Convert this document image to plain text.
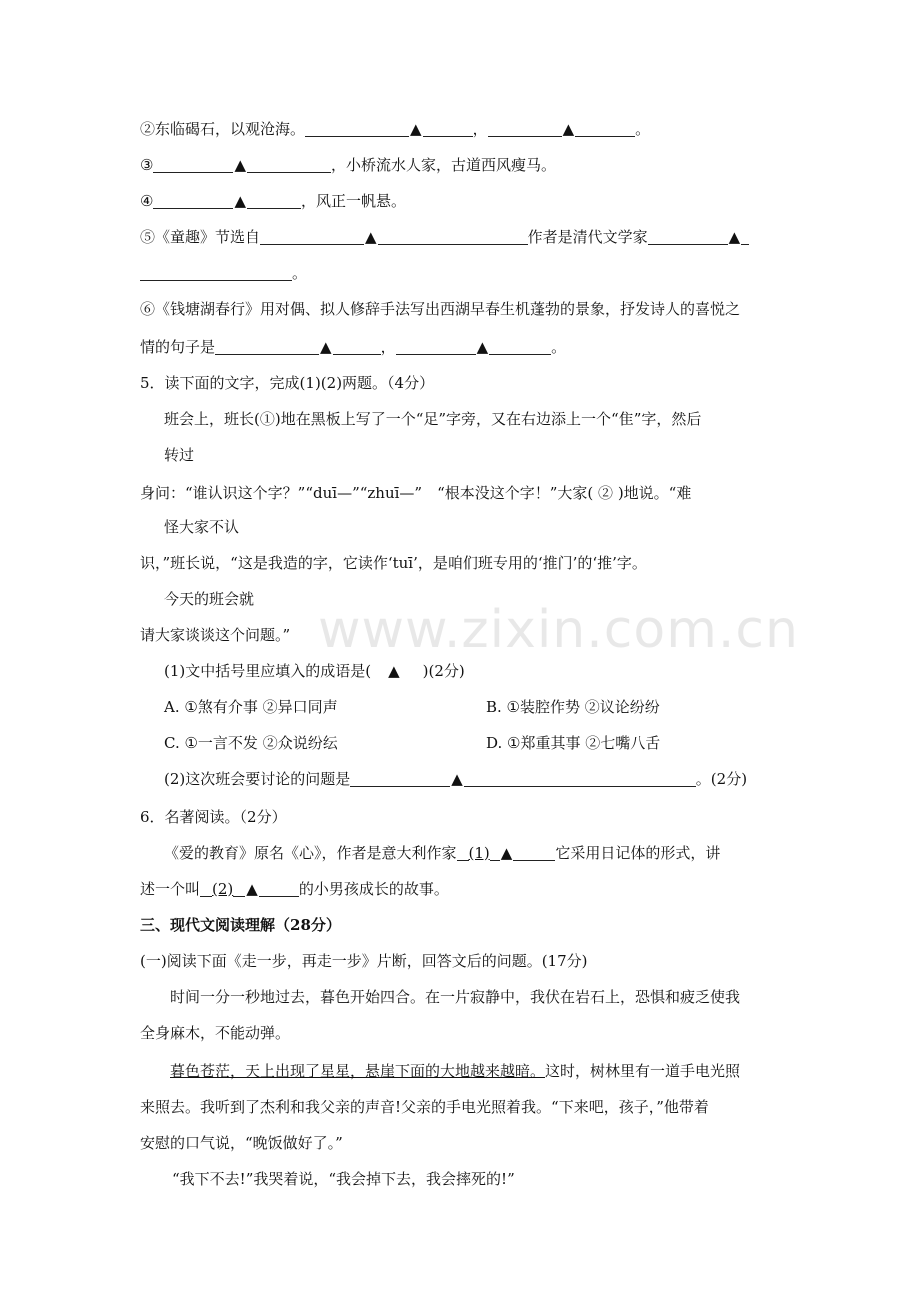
www.zixin.com.cn
②东临碣石，以观沧海。	▲	，	▲	。
③	▲	，小桥流水人家，古道西风瘦马。
④	▲	，风正一帆悬。
⑤《童趣》节选自	▲	作者是清代文学家	▲
。
⑥《钱塘湖春行》用对偶、拟人修辞手法写出西湖早春生机蓬勃的景象，抒发诗人的喜悦之
情的句子是	▲	，	▲	。
5．读下面的文字，完成(1)(2)两题。（4分）
班会上，班长(①)地在黑板上写了一个“足”字旁，又在右边添上一个“隹”字，然后
转过
身问：“谁认识这个字？”“duī—”“zhuī—”　“根本没这个字！”大家( ② )地说。“难
怪大家不认
识，”班长说，“这是我造的字，它读作‘tuī’，是咱们班专用的‘推门’的‘推’字。
今天的班会就
请大家谈谈这个问题。”
(1)文中括号里应填入的成语是( ▲ )(2分)
A. ①煞有介事 ②异口同声	B. ①装腔作势 ②议论纷纷
C. ①一言不发 ②众说纷纭	D. ①郑重其事 ②七嘴八舌
(2)这次班会要讨论的问题是	▲	。(2分)
6．名著阅读。（2分）
《爱的教育》原名《心》，作者是意大利作家 (1) ▲	它采用日记体的形式，讲
述一个叫 (2) ▲	的小男孩成长的故事。
三、现代文阅读理解（28分）
(一)阅读下面《走一步，再走一步》片断，回答文后的问题。(17分)
时间一分一秒地过去，暮色开始四合。在一片寂静中，我伏在岩石上，恐惧和疲乏使我
全身麻木，不能动弹。
暮色苍茫，天上出现了星星，悬崖下面的大地越来越暗。这时，树林里有一道手电光照
来照去。我听到了杰利和我父亲的声音!父亲的手电光照着我。“下来吧，孩子，”他带着
安慰的口气说，“晚饭做好了。”
“我下不去!”我哭着说，“我会掉下去，我会摔死的!”
